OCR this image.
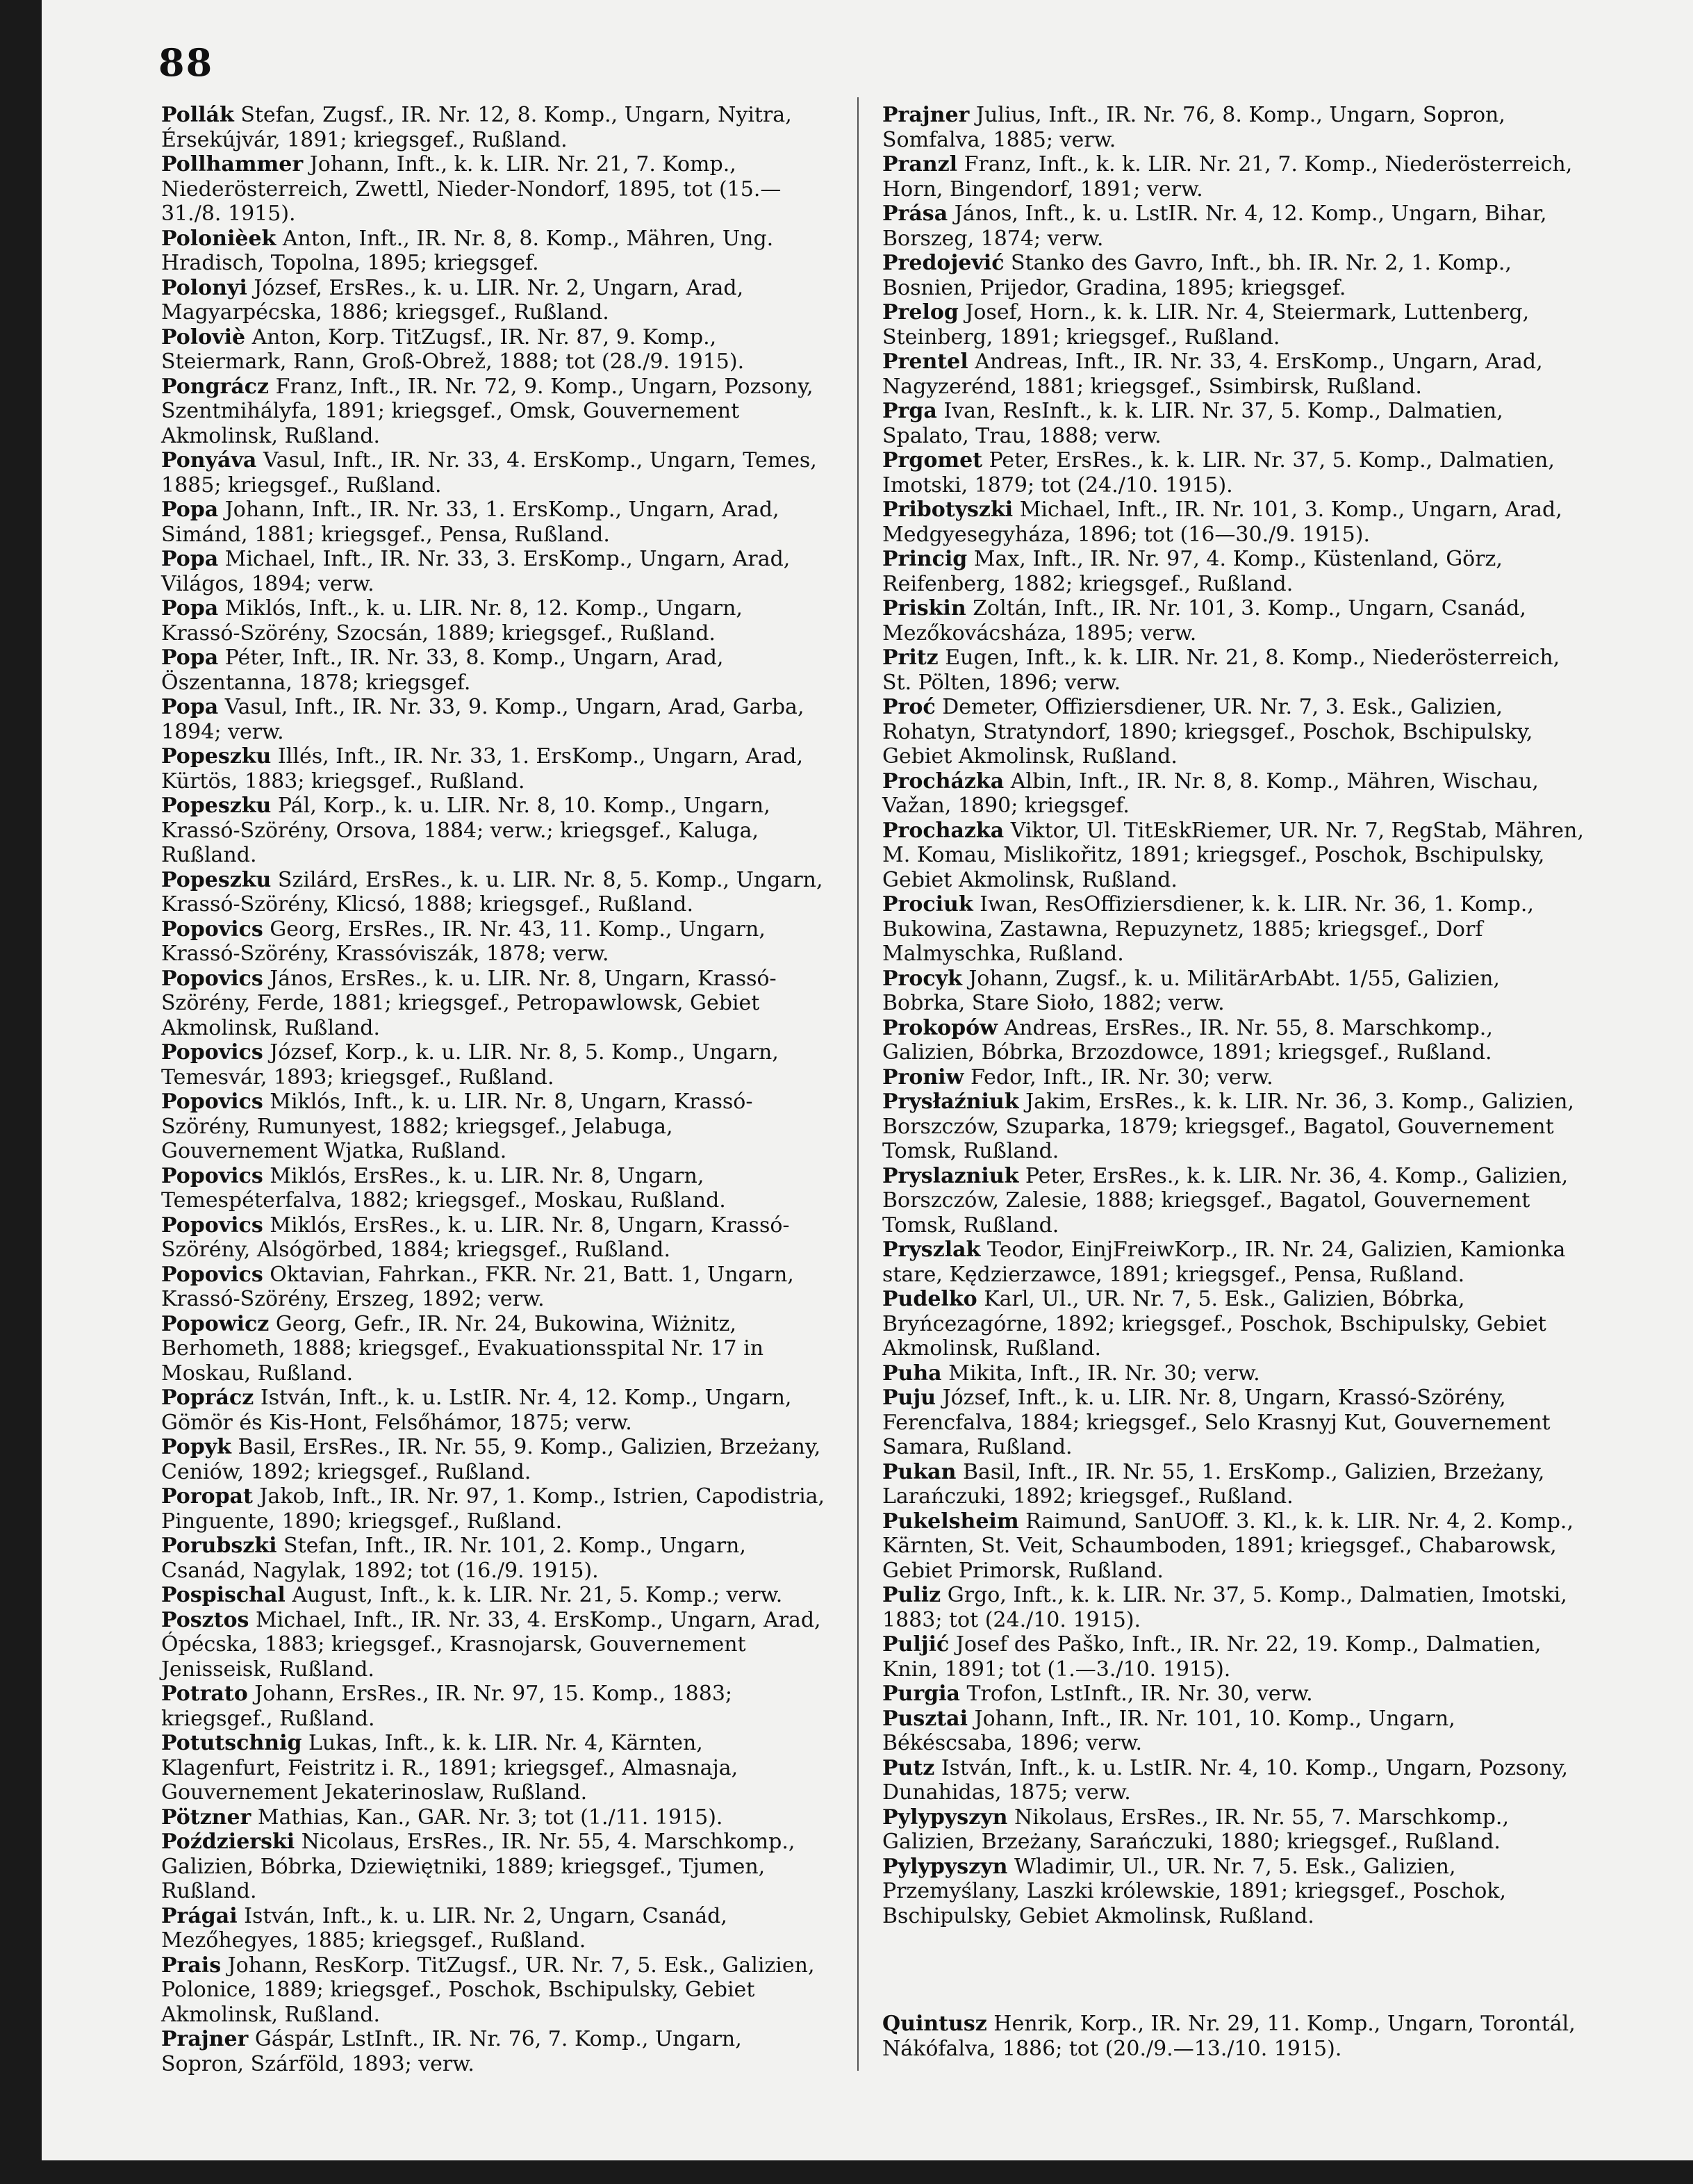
88
Pollák Stefan, Zugsf., IR. Nr. 12, 8. Komp., Ungarn, Nyitra, Érsekújvár, 1891; kriegsgef., Rußland.
Pollhammer Johann, Inft., k. k. LIR. Nr. 21, 7. Komp., Niederösterreich, Zwettl, Nieder-Nondorf, 1895, tot (15.—31./8. 1915).
Polonièek Anton, Inft., IR. Nr. 8, 8. Komp., Mähren, Ung. Hradisch, Topolna, 1895; kriegsgef.
Polonyi József, ErsRes., k. u. LIR. Nr. 2, Ungarn, Arad, Magyarpécska, 1886; kriegsgef., Rußland.
Poloviè Anton, Korp. TitZugsf., IR. Nr. 87, 9. Komp., Steiermark, Rann, Groß-Obrež, 1888; tot (28./9. 1915).
Pongrácz Franz, Inft., IR. Nr. 72, 9. Komp., Ungarn, Pozsony, Szentmihályfa, 1891; kriegsgef., Omsk, Gouvernement Akmolinsk, Rußland.
Ponyáva Vasul, Inft., IR. Nr. 33, 4. ErsKomp., Ungarn, Temes, 1885; kriegsgef., Rußland.
Popa Johann, Inft., IR. Nr. 33, 1. ErsKomp., Ungarn, Arad, Simánd, 1881; kriegsgef., Pensa, Rußland.
Popa Michael, Inft., IR. Nr. 33, 3. ErsKomp., Ungarn, Arad, Világos, 1894; verw.
Popa Miklós, Inft., k. u. LIR. Nr. 8, 12. Komp., Ungarn, Krassó-Szörény, Szocsán, 1889; kriegsgef., Rußland.
Popa Péter, Inft., IR. Nr. 33, 8. Komp., Ungarn, Arad, Öszentanna, 1878; kriegsgef.
Popa Vasul, Inft., IR. Nr. 33, 9. Komp., Ungarn, Arad, Garba, 1894; verw.
Popeszku Illés, Inft., IR. Nr. 33, 1. ErsKomp., Ungarn, Arad, Kürtös, 1883; kriegsgef., Rußland.
Popeszku Pál, Korp., k. u. LIR. Nr. 8, 10. Komp., Ungarn, Krassó-Szörény, Orsova, 1884; verw.; kriegsgef., Kaluga, Rußland.
Popeszku Szilárd, ErsRes., k. u. LIR. Nr. 8, 5. Komp., Ungarn, Krassó-Szörény, Klicsó, 1888; kriegsgef., Rußland.
Popovics Georg, ErsRes., IR. Nr. 43, 11. Komp., Ungarn, Krassó-Szörény, Krassóviszák, 1878; verw.
Popovics János, ErsRes., k. u. LIR. Nr. 8, Ungarn, Krassó-Szörény, Ferde, 1881; kriegsgef., Petropawlowsk, Gebiet Akmolinsk, Rußland.
Popovics József, Korp., k. u. LIR. Nr. 8, 5. Komp., Ungarn, Temesvár, 1893; kriegsgef., Rußland.
Popovics Miklós, Inft., k. u. LIR. Nr. 8, Ungarn, Krassó-Szörény, Rumunyest, 1882; kriegsgef., Jelabuga, Gouvernement Wjatka, Rußland.
Popovics Miklós, ErsRes., k. u. LIR. Nr. 8, Ungarn, Temespéterfalva, 1882; kriegsgef., Moskau, Rußland.
Popovics Miklós, ErsRes., k. u. LIR. Nr. 8, Ungarn, Krassó-Szörény, Alsógörbed, 1884; kriegsgef., Rußland.
Popovics Oktavian, Fahrkan., FKR. Nr. 21, Batt. 1, Ungarn, Krassó-Szörény, Erszeg, 1892; verw.
Popowicz Georg, Gefr., IR. Nr. 24, Bukowina, Wiżnitz, Berhometh, 1888; kriegsgef., Evakuationsspital Nr. 17 in Moskau, Rußland.
Poprácz István, Inft., k. u. LstIR. Nr. 4, 12. Komp., Ungarn, Gömör és Kis-Hont, Felsőhámor, 1875; verw.
Popyk Basil, ErsRes., IR. Nr. 55, 9. Komp., Galizien, Brzeżany, Ceniów, 1892; kriegsgef., Rußland.
Poropat Jakob, Inft., IR. Nr. 97, 1. Komp., Istrien, Capodistria, Pinguente, 1890; kriegsgef., Rußland.
Porubszki Stefan, Inft., IR. Nr. 101, 2. Komp., Ungarn, Csanád, Nagylak, 1892; tot (16./9. 1915).
Pospischal August, Inft., k. k. LIR. Nr. 21, 5. Komp.; verw.
Posztos Michael, Inft., IR. Nr. 33, 4. ErsKomp., Ungarn, Arad, Ópécska, 1883; kriegsgef., Krasnojarsk, Gouvernement Jenisseisk, Rußland.
Potrato Johann, ErsRes., IR. Nr. 97, 15. Komp., 1883; kriegsgef., Rußland.
Potutschnig Lukas, Inft., k. k. LIR. Nr. 4, Kärnten, Klagenfurt, Feistritz i. R., 1891; kriegsgef., Almasnaja, Gouvernement Jekaterinoslaw, Rußland.
Pötzner Mathias, Kan., GAR. Nr. 3; tot (1./11. 1915).
Poździerski Nicolaus, ErsRes., IR. Nr. 55, 4. Marschkomp., Galizien, Bóbrka, Dziewiętniki, 1889; kriegsgef., Tjumen, Rußland.
Prágai István, Inft., k. u. LIR. Nr. 2, Ungarn, Csanád, Mezőhegyes, 1885; kriegsgef., Rußland.
Prais Johann, ResKorp. TitZugsf., UR. Nr. 7, 5. Esk., Galizien, Polonice, 1889; kriegsgef., Poschok, Bschipulsky, Gebiet Akmolinsk, Rußland.
Prajner Gáspár, LstInft., IR. Nr. 76, 7. Komp., Ungarn, Sopron, Szárföld, 1893; verw.
Prajner Julius, Inft., IR. Nr. 76, 8. Komp., Ungarn, Sopron, Somfalva, 1885; verw.
Pranzl Franz, Inft., k. k. LIR. Nr. 21, 7. Komp., Niederösterreich, Horn, Bingendorf, 1891; verw.
Prása János, Inft., k. u. LstIR. Nr. 4, 12. Komp., Ungarn, Bihar, Borszeg, 1874; verw.
Predojević Stanko des Gavro, Inft., bh. IR. Nr. 2, 1. Komp., Bosnien, Prijedor, Gradina, 1895; kriegsgef.
Prelog Josef, Horn., k. k. LIR. Nr. 4, Steiermark, Luttenberg, Steinberg, 1891; kriegsgef., Rußland.
Prentel Andreas, Inft., IR. Nr. 33, 4. ErsKomp., Ungarn, Arad, Nagyzerénd, 1881; kriegsgef., Ssimbirsk, Rußland.
Prga Ivan, ResInft., k. k. LIR. Nr. 37, 5. Komp., Dalmatien, Spalato, Trau, 1888; verw.
Prgomet Peter, ErsRes., k. k. LIR. Nr. 37, 5. Komp., Dalmatien, Imotski, 1879; tot (24./10. 1915).
Pribotyszki Michael, Inft., IR. Nr. 101, 3. Komp., Ungarn, Arad, Medgyesegyháza, 1896; tot (16—30./9. 1915).
Princig Max, Inft., IR. Nr. 97, 4. Komp., Küstenland, Görz, Reifenberg, 1882; kriegsgef., Rußland.
Priskin Zoltán, Inft., IR. Nr. 101, 3. Komp., Ungarn, Csanád, Mezőkovácsháza, 1895; verw.
Pritz Eugen, Inft., k. k. LIR. Nr. 21, 8. Komp., Niederösterreich, St. Pölten, 1896; verw.
Proć Demeter, Offiziersdiener, UR. Nr. 7, 3. Esk., Galizien, Rohatyn, Stratyndorf, 1890; kriegsgef., Poschok, Bschipulsky, Gebiet Akmolinsk, Rußland.
Procházka Albin, Inft., IR. Nr. 8, 8. Komp., Mähren, Wischau, Važan, 1890; kriegsgef.
Prochazka Viktor, Ul. TitEskRiemer, UR. Nr. 7, RegStab, Mähren, M. Komau, Mislikořitz, 1891; kriegsgef., Poschok, Bschipulsky, Gebiet Akmolinsk, Rußland.
Prociuk Iwan, ResOffiziersdiener, k. k. LIR. Nr. 36, 1. Komp., Bukowina, Zastawna, Repuzynetz, 1885; kriegsgef., Dorf Malmyschka, Rußland.
Procyk Johann, Zugsf., k. u. MilitärArbAbt. 1/55, Galizien, Bobrka, Stare Sioło, 1882; verw.
Prokopów Andreas, ErsRes., IR. Nr. 55, 8. Marschkomp., Galizien, Bóbrka, Brzozdowce, 1891; kriegsgef., Rußland.
Proniw Fedor, Inft., IR. Nr. 30; verw.
Prysłaźniuk Jakim, ErsRes., k. k. LIR. Nr. 36, 3. Komp., Galizien, Borszczów, Szuparka, 1879; kriegsgef., Bagatol, Gouvernement Tomsk, Rußland.
Pryslazniuk Peter, ErsRes., k. k. LIR. Nr. 36, 4. Komp., Galizien, Borszczów, Zalesie, 1888; kriegsgef., Bagatol, Gouvernement Tomsk, Rußland.
Pryszlak Teodor, EinjFreiwKorp., IR. Nr. 24, Galizien, Kamionka stare, Kędzierzawce, 1891; kriegsgef., Pensa, Rußland.
Pudelko Karl, Ul., UR. Nr. 7, 5. Esk., Galizien, Bóbrka, Bryńcezagórne, 1892; kriegsgef., Poschok, Bschipulsky, Gebiet Akmolinsk, Rußland.
Puha Mikita, Inft., IR. Nr. 30; verw.
Puju József, Inft., k. u. LIR. Nr. 8, Ungarn, Krassó-Szörény, Ferencfalva, 1884; kriegsgef., Selo Krasnyj Kut, Gouvernement Samara, Rußland.
Pukan Basil, Inft., IR. Nr. 55, 1. ErsKomp., Galizien, Brzeżany, Larańczuki, 1892; kriegsgef., Rußland.
Pukelsheim Raimund, SanUOff. 3. Kl., k. k. LIR. Nr. 4, 2. Komp., Kärnten, St. Veit, Schaumboden, 1891; kriegsgef., Chabarowsk, Gebiet Primorsk, Rußland.
Puliz Grgo, Inft., k. k. LIR. Nr. 37, 5. Komp., Dalmatien, Imotski, 1883; tot (24./10. 1915).
Puljić Josef des Paško, Inft., IR. Nr. 22, 19. Komp., Dalmatien, Knin, 1891; tot (1.—3./10. 1915).
Purgia Trofon, LstInft., IR. Nr. 30, verw.
Pusztai Johann, Inft., IR. Nr. 101, 10. Komp., Ungarn, Békéscsaba, 1896; verw.
Putz István, Inft., k. u. LstIR. Nr. 4, 10. Komp., Ungarn, Pozsony, Dunahidas, 1875; verw.
Pylypyszyn Nikolaus, ErsRes., IR. Nr. 55, 7. Marschkomp., Galizien, Brzeżany, Sarańczuki, 1880; kriegsgef., Rußland.
Pylypyszyn Wladimir, Ul., UR. Nr. 7, 5. Esk., Galizien, Przemyślany, Laszki królewskie, 1891; kriegsgef., Poschok, Bschipulsky, Gebiet Akmolinsk, Rußland.
Quintusz Henrik, Korp., IR. Nr. 29, 11. Komp., Ungarn, Torontál, Nákófalva, 1886; tot (20./9.—13./10. 1915).
